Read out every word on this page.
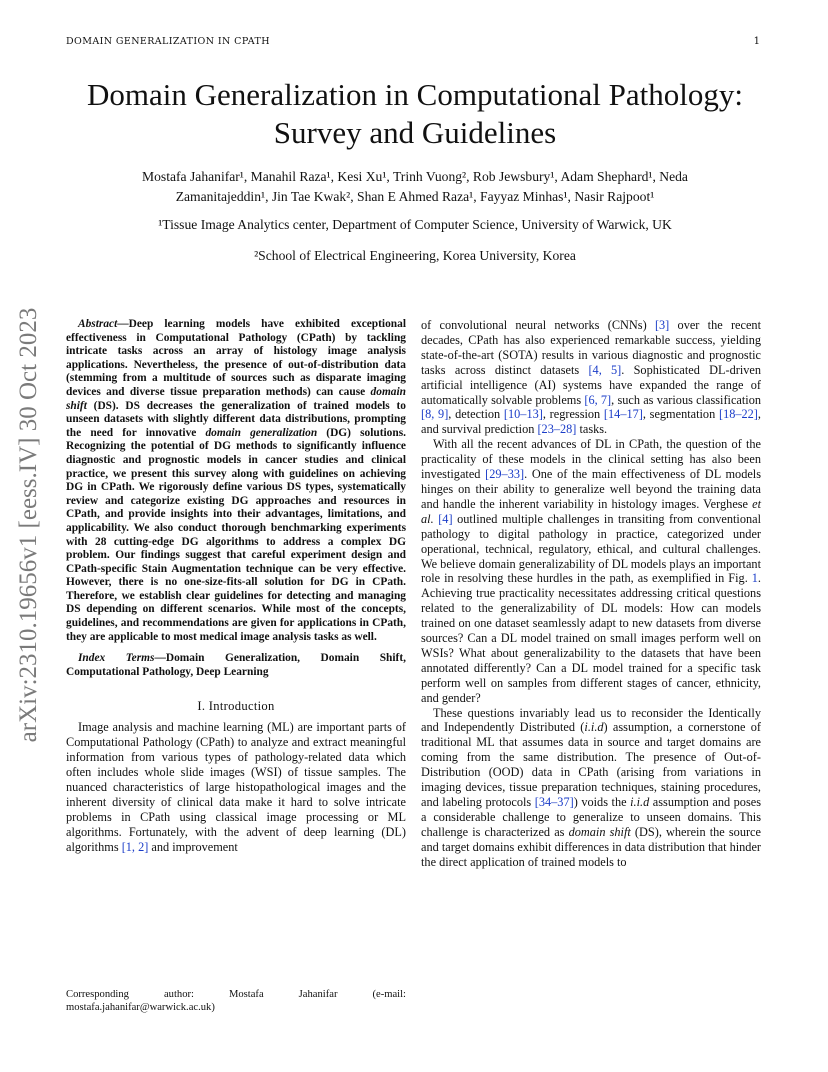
DOMAIN GENERALIZATION IN CPATH	1
arXiv:2310.19656v1 [eess.IV] 30 Oct 2023
Domain Generalization in Computational Pathology:
Survey and Guidelines
Mostafa Jahanifar¹, Manahil Raza¹, Kesi Xu¹, Trinh Vuong², Rob Jewsbury¹, Adam Shephard¹, Neda
Zamanitajeddin¹, Jin Tae Kwak², Shan E Ahmed Raza¹, Fayyaz Minhas¹, Nasir Rajpoot¹
¹Tissue Image Analytics center, Department of Computer Science, University of Warwick, UK
²School of Electrical Engineering, Korea University, Korea

Abstract—Deep learning models have exhibited exceptional effectiveness in Computational Pathology (CPath) by tackling intricate tasks across an array of histology image analysis applications. Nevertheless, the presence of out-of-distribution data (stemming from a multitude of sources such as disparate imaging devices and diverse tissue preparation methods) can cause domain shift (DS). DS decreases the generalization of trained models to unseen datasets with slightly different data distributions, prompting the need for innovative domain generalization (DG) solutions. Recognizing the potential of DG methods to significantly influence diagnostic and prognostic models in cancer studies and clinical practice, we present this survey along with guidelines on achieving DG in CPath. We rigorously define various DS types, systematically review and categorize existing DG approaches and resources in CPath, and provide insights into their advantages, limitations, and applicability. We also conduct thorough benchmarking experiments with 28 cutting-edge DG algorithms to address a complex DG problem. Our findings suggest that careful experiment design and CPath-specific Stain Augmentation technique can be very effective. However, there is no one-size-fits-all solution for DG in CPath. Therefore, we establish clear guidelines for detecting and managing DS depending on different scenarios. While most of the concepts, guidelines, and recommendations are given for applications in CPath, they are applicable to most medical image analysis tasks as well.

Index Terms—Domain Generalization, Domain Shift, Computational Pathology, Deep Learning

I. Introduction

Image analysis and machine learning (ML) are important parts of Computational Pathology (CPath) to analyze and extract meaningful information from various types of pathology-related data which often includes whole slide images (WSI) of tissue samples. The nuanced characteristics of large histopathological images and the inherent diversity of clinical data make it hard to solve intricate problems in CPath using classical image processing or ML algorithms. Fortunately, with the advent of deep learning (DL) algorithms [1, 2] and improvement

of convolutional neural networks (CNNs) [3] over the recent decades, CPath has also experienced remarkable success, yielding state-of-the-art (SOTA) results in various diagnostic and prognostic tasks across distinct datasets [4, 5]. Sophisticated DL-driven artificial intelligence (AI) systems have expanded the range of automatically solvable problems [6, 7], such as various classification [8, 9], detection [10–13], regression [14–17], segmentation [18–22], and survival prediction [23–28] tasks.

With all the recent advances of DL in CPath, the question of the practicality of these models in the clinical setting has also been investigated [29–33]. One of the main effectiveness of DL models hinges on their ability to generalize well beyond the training data and handle the inherent variability in histology images. Verghese et al. [4] outlined multiple challenges in transiting from conventional pathology to digital pathology in practice, categorized under operational, technical, regulatory, ethical, and cultural challenges. We believe domain generalizability of DL models plays an important role in resolving these hurdles in the path, as exemplified in Fig. 1. Achieving true practicality necessitates addressing critical questions related to the generalizability of DL models: How can models trained on one dataset seamlessly adapt to new datasets from diverse sources? Can a DL model trained on small images perform well on WSIs? What about generalizability to the datasets that have been annotated differently? Can a DL model trained for a specific task perform well on samples from different stages of cancer, ethnicity, and gender?

These questions invariably lead us to reconsider the Identically and Independently Distributed (i.i.d) assumption, a cornerstone of traditional ML that assumes data in source and target domains are coming from the same distribution. The presence of Out-of-Distribution (OOD) data in CPath (arising from variations in imaging devices, tissue preparation techniques, staining procedures, and labeling protocols [34–37]) voids the i.i.d assumption and poses a considerable challenge to generalize to unseen domains. This challenge is characterized as domain shift (DS), wherein the source and target domains exhibit differences in data distribution that hinder the direct application of trained models to

Corresponding author: Mostafa Jahanifar (e-mail: mostafa.jahanifar@warwick.ac.uk)
